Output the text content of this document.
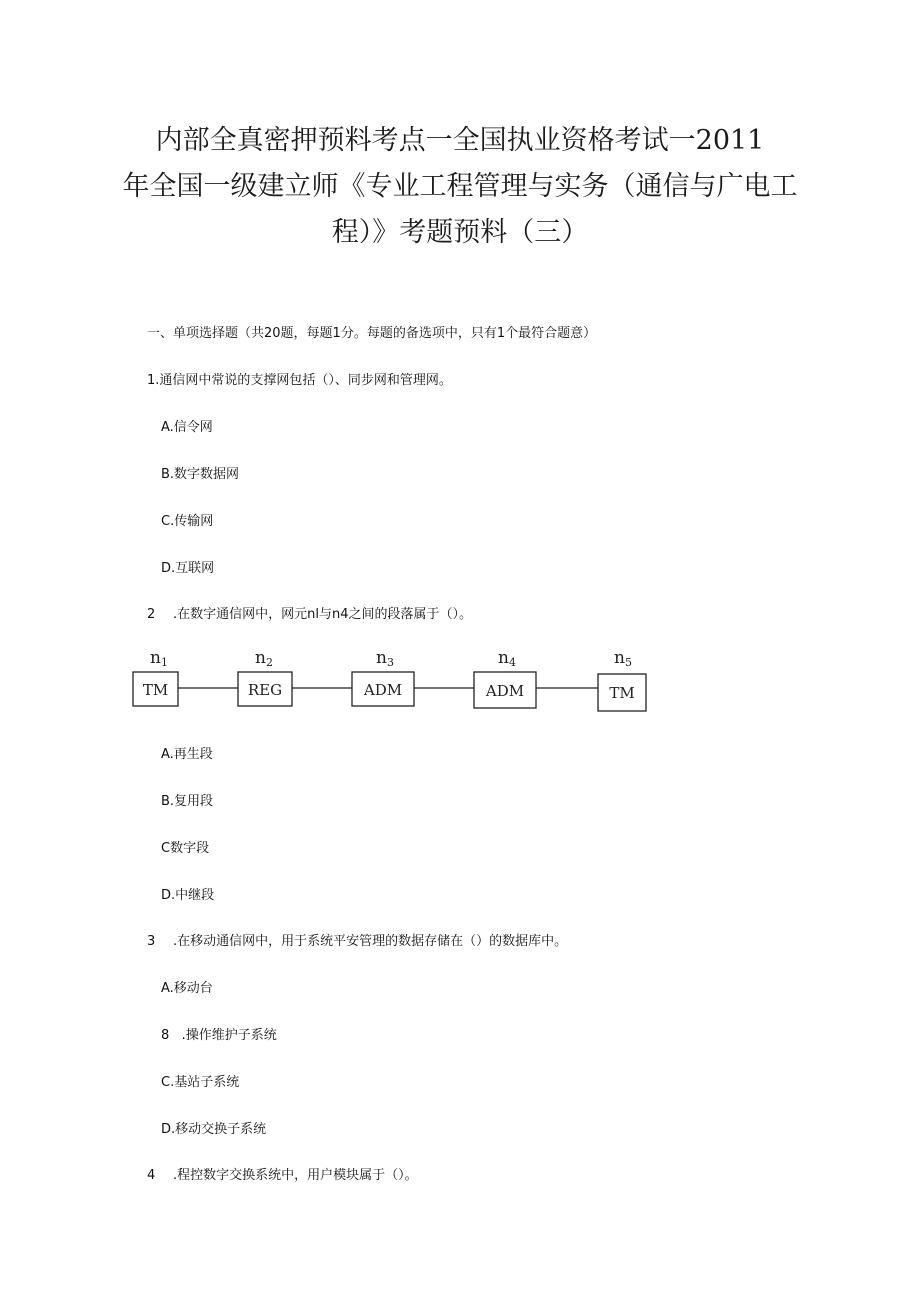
内部全真密押预料考点一全国执业资格考试一2011
年全国一级建立师《专业工程管理与实务（通信与广电工
程）》考题预料（三）
一、单项选择题（共20题，每题1分。每题的备选项中，只有1个最符合题意）
1.通信网中常说的支撑网包括（）、同步网和管理网。
A.信令网
B.数字数据网
C.传输网
D.互联网
2 .在数字通信网中，网元nl与n4之间的段落属于（）。
n1
TM
n2
REG
n3
ADM
n4
ADM
n5
TM
A.再生段
B.复用段
C数字段
D.中继段
3 .在移动通信网中，用于系统平安管理的数据存储在（）的数据库中。
A.移动台
8   .操作维护子系统
C.基站子系统
D.移动交换子系统
4 .程控数字交换系统中，用户模块属于（）。
